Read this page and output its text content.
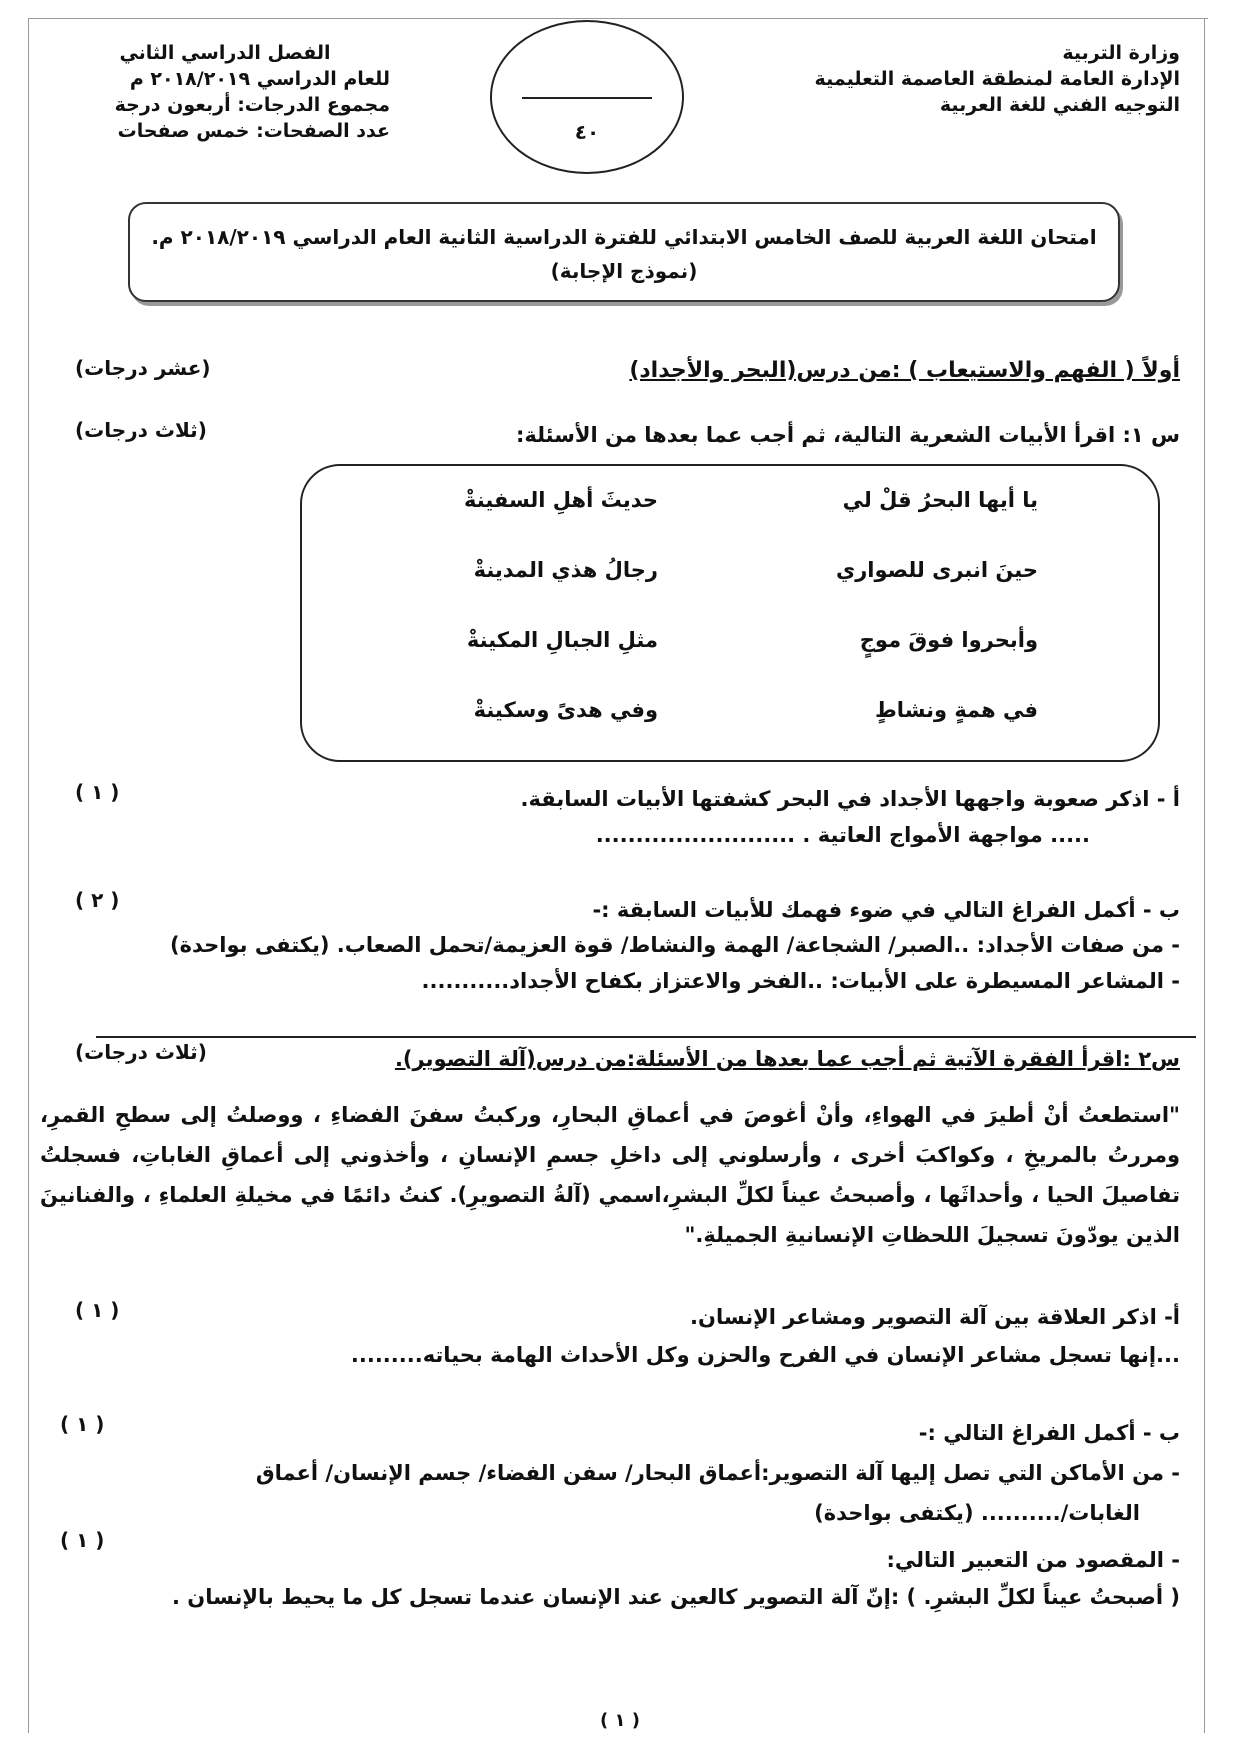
وزارة التربية
الإدارة العامة لمنطقة العاصمة التعليمية
التوجيه الفني للغة العربية
٤٠
الفصل الدراسي الثاني
للعام الدراسي ٢٠١٨/٢٠١٩ م
مجموع الدرجات: أربعون درجة
عدد الصفحات: خمس صفحات
امتحان اللغة العربية للصف الخامس الابتدائي للفترة الدراسية الثانية العام الدراسي ٢٠١٨/٢٠١٩ م.
(نموذج الإجابة)
أولاً ( الفهم والاستيعاب ) :من درس(البحر والأجداد)
(عشر درجات)
س ١: اقرأ الأبيات الشعرية التالية، ثم أجب عما بعدها من الأسئلة:
(ثلاث درجات)
يا أيها البحرُ قلْ لي
حديثَ أهلِ السفينةْ
حينَ انبرى للصواري
رجالُ هذي المدينةْ
وأبحروا فوقَ موجٍ
مثلِ الجبالِ المكينةْ
في همةٍ ونشاطٍ
وفي هدىً وسكينةْ
أ - اذكر صعوبة واجهها الأجداد في البحر كشفتها الأبيات السابقة.
( ١ )
..... مواجهة الأمواج العاتية . .........................
ب - أكمل الفراغ التالي في ضوء فهمك للأبيات السابقة :-
( ٢ )
- من صفات الأجداد: ..الصبر/ الشجاعة/ الهمة والنشاط/ قوة العزيمة/تحمل الصعاب. (يكتفى بواحدة)
- المشاعر المسيطرة على الأبيات: ..الفخر والاعتزاز بكفاح الأجداد...........
س٢ :اقرأ الفقرة الآتية ثم أجب عما بعدها من الأسئلة:من درس(آلة التصوير).
(ثلاث درجات)
"استطعتُ أنْ أطيرَ في الهواءِ، وأنْ أغوصَ في أعماقِ البحارِ، وركبتُ سفنَ الفضاءِ ، ووصلتُ إلى سطحِ القمرِ، ومررتُ بالمريخِ ، وكواكبَ أخرى ، وأرسلوني إلى داخلِ جسمِ الإنسانِ ، وأخذوني إلى أعماقِ الغاباتِ، فسجلتُ تفاصيلَ الحيا ، وأحداثَها ، وأصبحتُ عيناً لكلِّ البشرِ،اسمي (آلةُ التصويرِ). كنتُ دائمًا في مخيلةِ العلماءِ ، والفنانينَ الذين يودّونَ تسجيلَ اللحظاتِ الإنسانيةِ الجميلةِ."
أ- اذكر العلاقة بين آلة التصوير ومشاعر الإنسان.
( ١ )
...إنها تسجل مشاعر الإنسان في الفرح والحزن وكل الأحداث الهامة بحياته.........
ب - أكمل الفراغ التالي :-
( ١ )
- من الأماكن التي تصل إليها آلة التصوير:أعماق البحار/ سفن الفضاء/ جسم الإنسان/ أعماق
الغابات/.......... (يكتفى بواحدة)
( ١ )
- المقصود من التعبير التالي:
( أصبحتُ عيناً لكلِّ البشرِ. ) :إنّ آلة التصوير كالعين عند الإنسان عندما تسجل كل ما يحيط بالإنسان .
( ١ )
